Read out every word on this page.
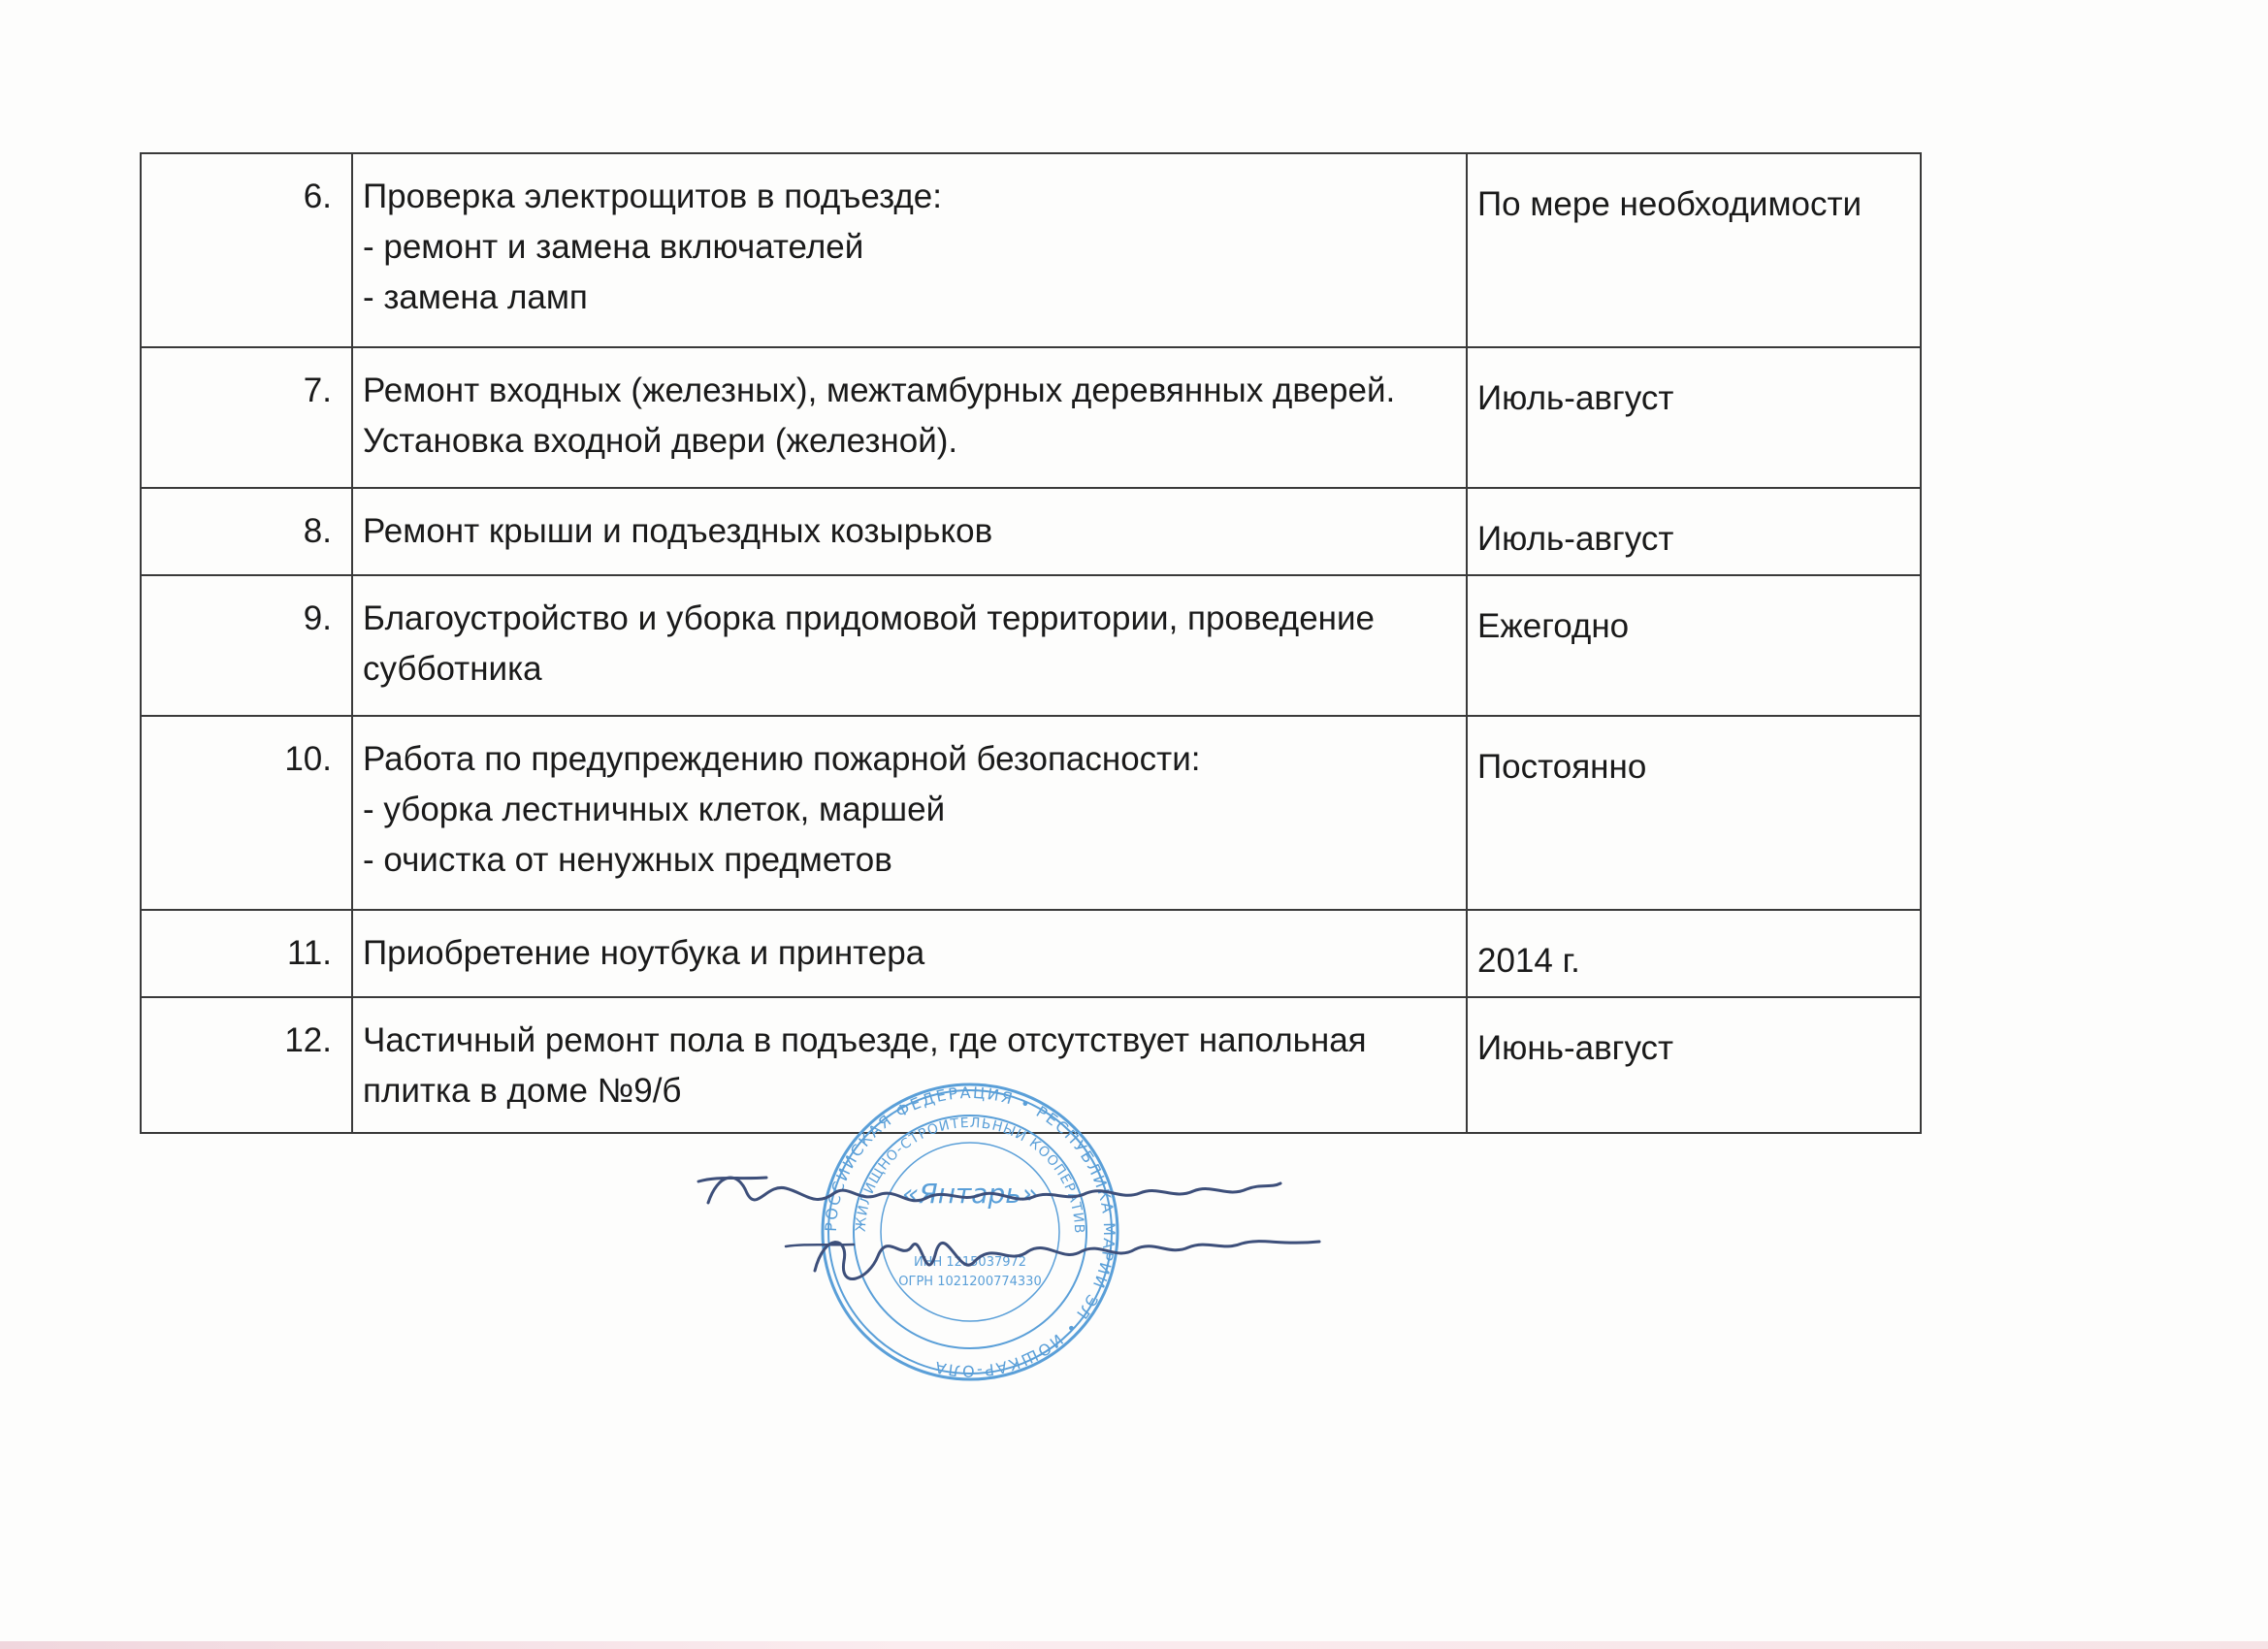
6.	Проверка электрощитов в подъезде:
- ремонт и замена включателей
- замена ламп	По мере необходимости
7.	Ремонт входных (железных), межтамбурных деревянных дверей.
Установка входной двери (железной).	Июль-август
8.	Ремонт крыши и подъездных козырьков	Июль-август
9.	Благоустройство и уборка придомовой территории, проведение
субботника	Ежегодно
10.	Работа по предупреждению пожарной безопасности:
- уборка лестничных клеток, маршей
- очистка от ненужных предметов	Постоянно
11.	Приобретение ноутбука и принтера	2014 г.
12.	Частичный ремонт пола в подъезде, где отсутствует напольная
плитка в доме №9/б	Июнь-август
РОССИЙСКАЯ ФЕДЕРАЦИЯ • РЕСПУБЛИКА МАРИЙ ЭЛ • ЙОШКАР-ОЛА
ЖИЛИЩНО-СТРОИТЕЛЬНЫЙ КООПЕРАТИВ
«Янтарь»
ИНН 1215037972
ОГРН 1021200774330
